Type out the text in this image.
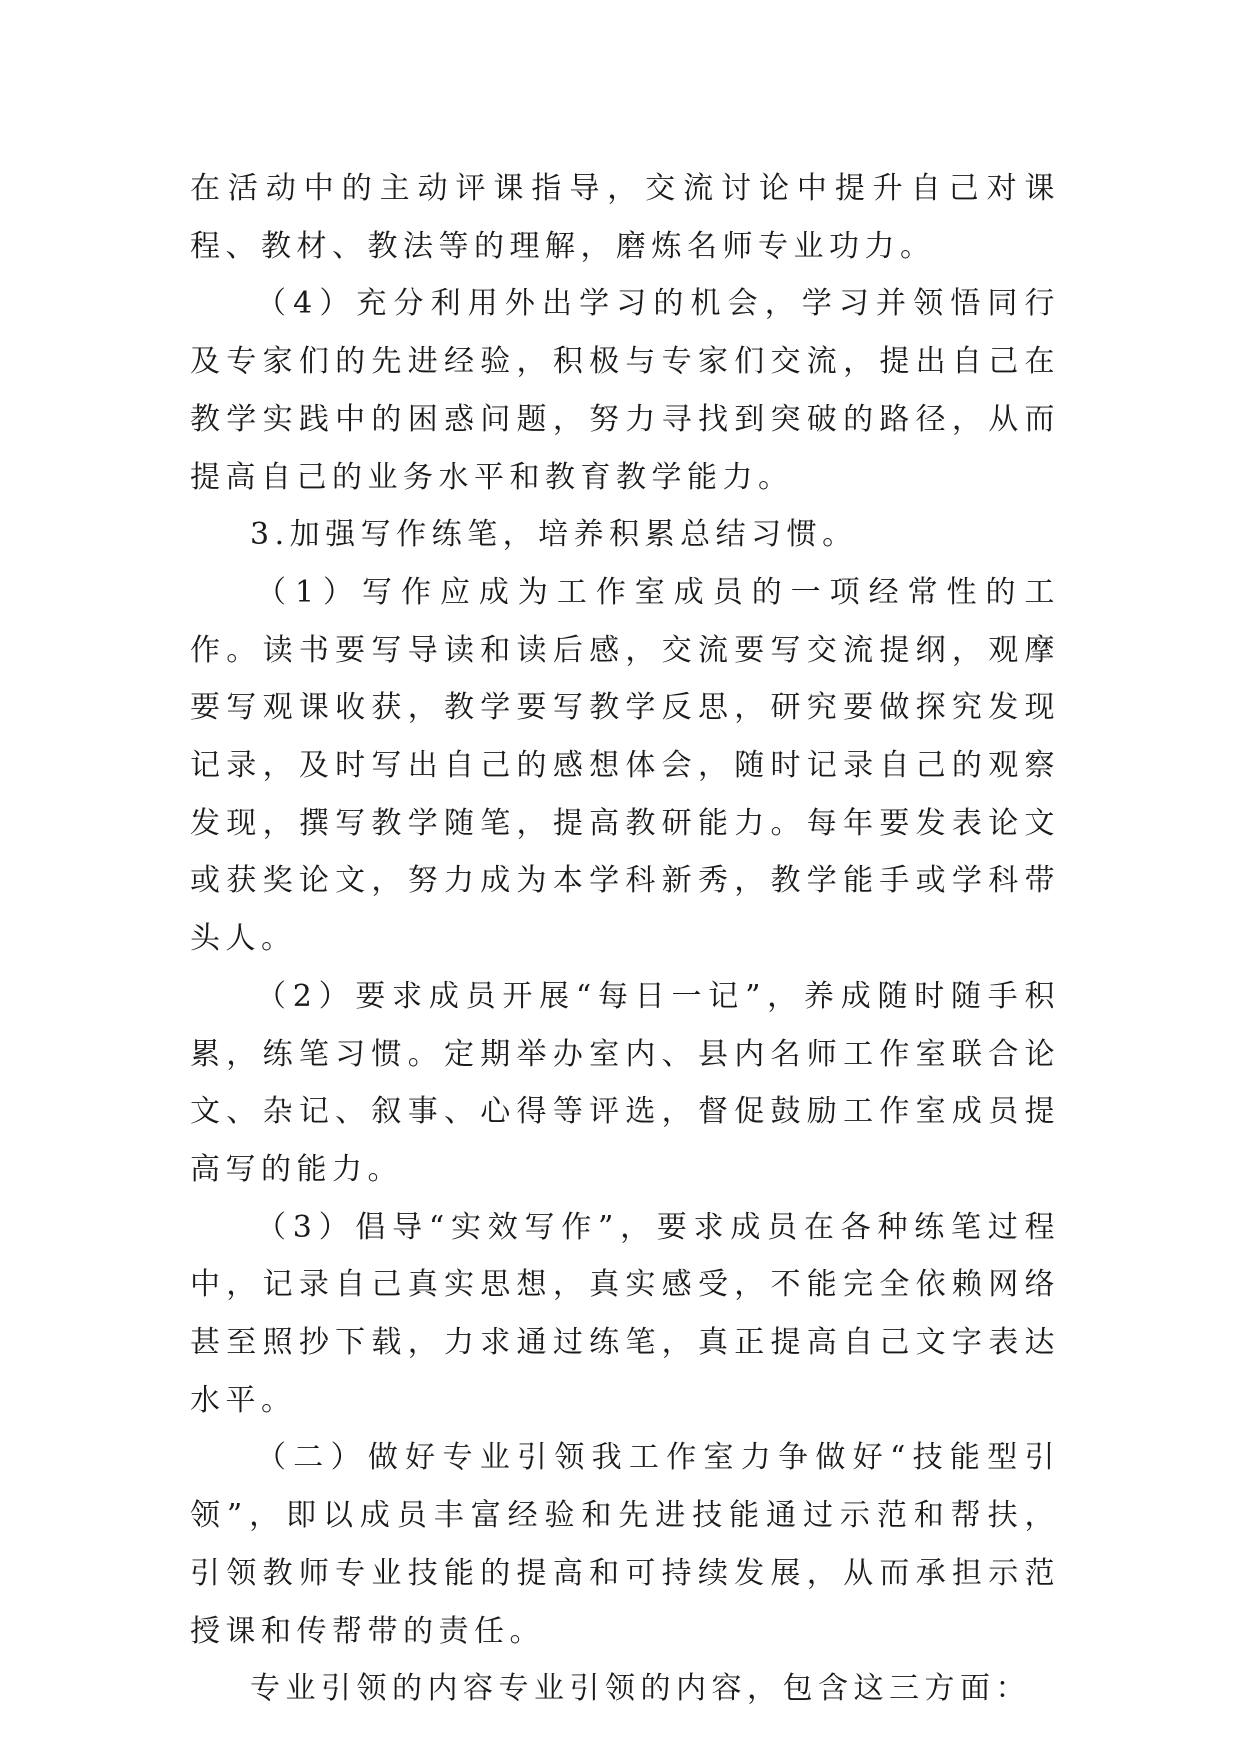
在活动中的主动评课指导，交流讨论中提升自己对课程、教材、教法等的理解，磨炼名师专业功力。

（4）充分利用外出学习的机会，学习并领悟同行及专家们的先进经验，积极与专家们交流，提出自己在教学实践中的困惑问题，努力寻找到突破的路径，从而提高自己的业务水平和教育教学能力。

3.加强写作练笔，培养积累总结习惯。

（1）写作应成为工作室成员的一项经常性的工作。读书要写导读和读后感，交流要写交流提纲，观摩要写观课收获，教学要写教学反思，研究要做探究发现记录，及时写出自己的感想体会，随时记录自己的观察发现，撰写教学随笔，提高教研能力。每年要发表论文或获奖论文，努力成为本学科新秀，教学能手或学科带头人。

（2）要求成员开展“每日一记”，养成随时随手积累，练笔习惯。定期举办室内、县内名师工作室联合论文、杂记、叙事、心得等评选，督促鼓励工作室成员提高写的能力。

（3）倡导“实效写作”，要求成员在各种练笔过程中，记录自己真实思想，真实感受，不能完全依赖网络甚至照抄下载，力求通过练笔，真正提高自己文字表达水平。

（二）做好专业引领我工作室力争做好“技能型引领”，即以成员丰富经验和先进技能通过示范和帮扶，引领教师专业技能的提高和可持续发展，从而承担示范授课和传帮带的责任。

专业引领的内容专业引领的内容，包含这三方面：
